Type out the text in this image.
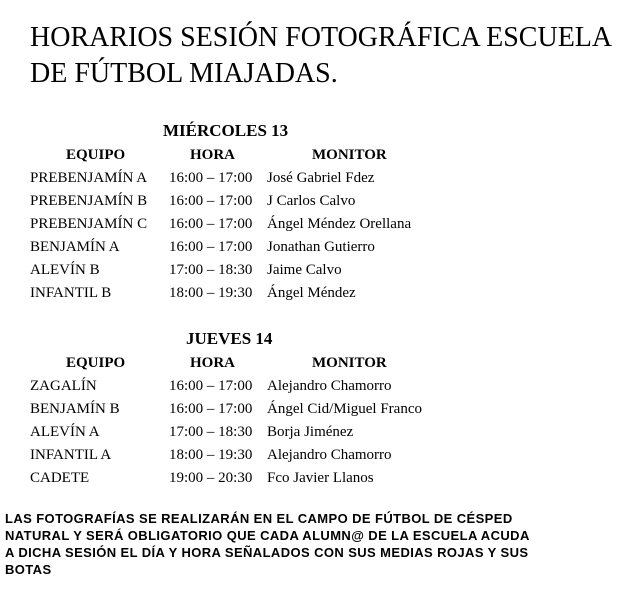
HORARIOS SESIÓN FOTOGRÁFICA ESCUELA
DE FÚTBOL MIAJADAS.
MIÉRCOLES 13
EQUIPO	HORA	MONITOR
PREBENJAMÍN A 16:00 – 17:00 José Gabriel Fdez
PREBENJAMÍN B 16:00 – 17:00 J Carlos Calvo
PREBENJAMÍN C 16:00 – 17:00 Ángel Méndez Orellana
BENJAMÍN A	16:00 – 17:00 Jonathan Gutierro
ALEVÍN B	17:00 – 18:30 Jaime Calvo
INFANTIL B	18:00 – 19:30 Ángel Méndez
JUEVES 14
EQUIPO	HORA	MONITOR
ZAGALÍN	16:00 – 17:00 Alejandro Chamorro
BENJAMÍN B	16:00 – 17:00 Ángel Cid/Miguel Franco
ALEVÍN A	17:00 – 18:30 Borja Jiménez
INFANTIL A	18:00 – 19:30 Alejandro Chamorro
CADETE	19:00 – 20:30 Fco Javier Llanos

LAS FOTOGRAFÍAS SE REALIZARÁN EN EL CAMPO DE FÚTBOL DE CÉSPED
NATURAL Y SERÁ OBLIGATORIO QUE CADA ALUMN@ DE LA ESCUELA ACUDA
A DICHA SESIÓN EL DÍA Y HORA SEÑALADOS CON SUS MEDIAS ROJAS Y SUS
BOTAS
